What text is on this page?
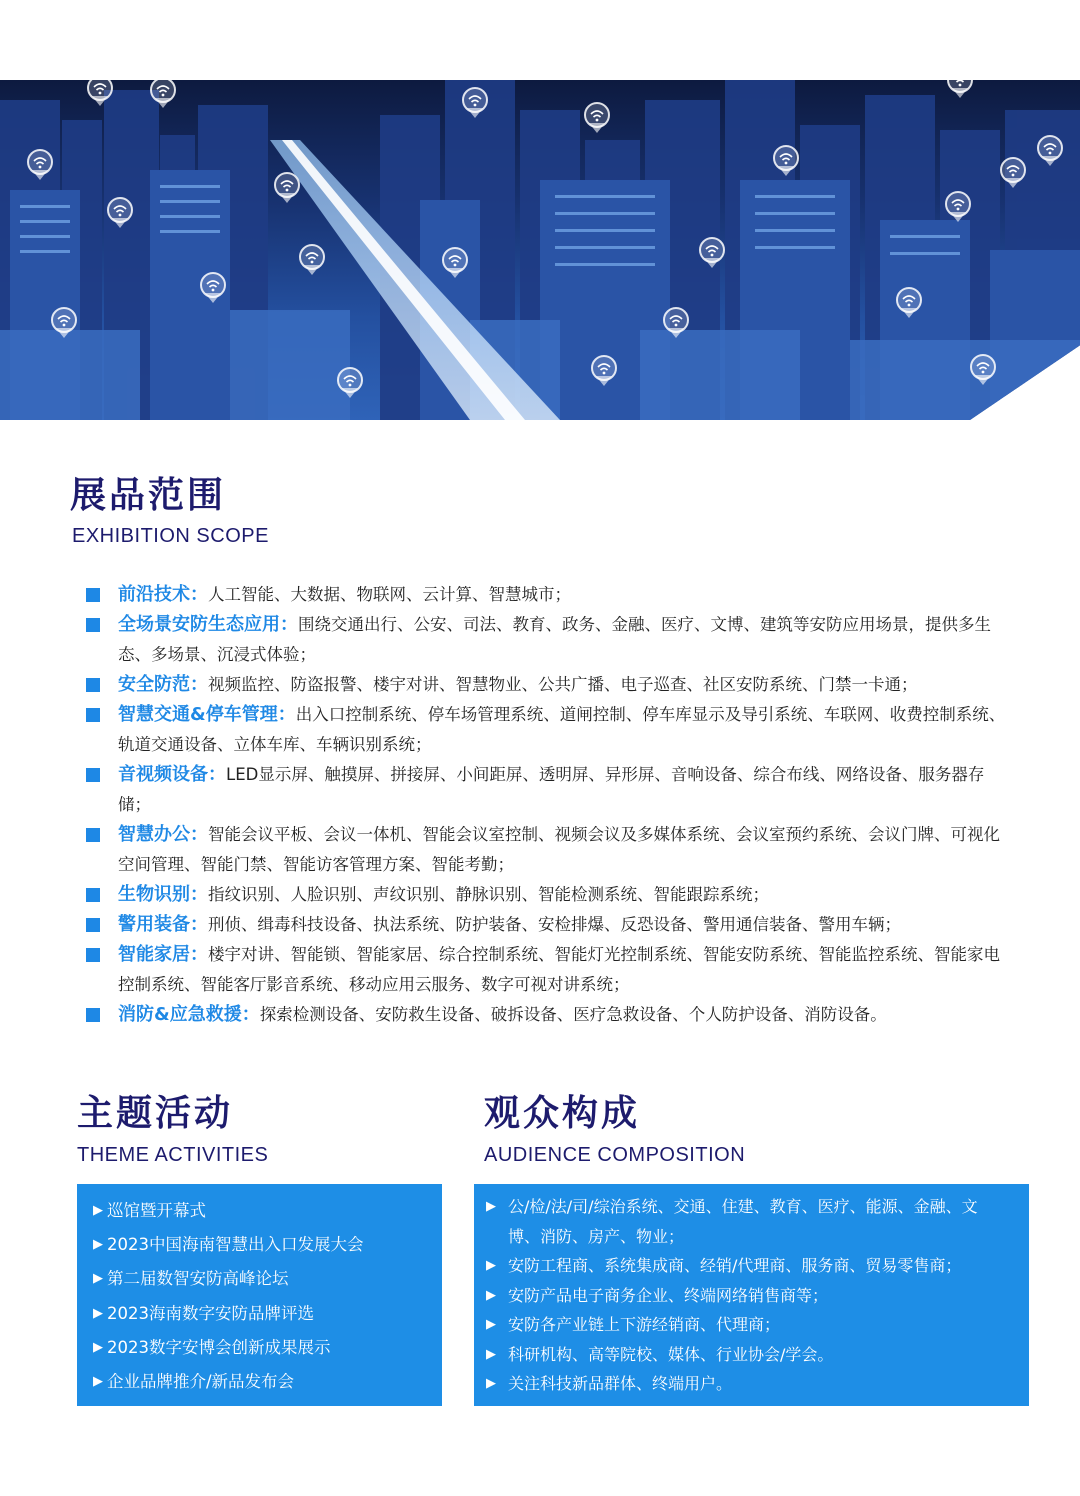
展品范围
EXHIBITION SCOPE
前沿技术：人工智能、大数据、物联网、云计算、智慧城市；
全场景安防生态应用：围绕交通出行、公安、司法、教育、政务、金融、医疗、文博、建筑等安防应用场景，提供多生态、多场景、沉浸式体验；
安全防范：视频监控、防盗报警、楼宇对讲、智慧物业、公共广播、电子巡查、社区安防系统、门禁一卡通；
智慧交通&停车管理：出入口控制系统、停车场管理系统、道闸控制、停车库显示及导引系统、车联网、收费控制系统、轨道交通设备、立体车库、车辆识别系统；
音视频设备：LED显示屏、触摸屏、拼接屏、小间距屏、透明屏、异形屏、音响设备、综合布线、网络设备、服务器存储；
智慧办公：智能会议平板、会议一体机、智能会议室控制、视频会议及多媒体系统、会议室预约系统、会议门牌、可视化空间管理、智能门禁、智能访客管理方案、智能考勤；
生物识别：指纹识别、人脸识别、声纹识别、静脉识别、智能检测系统、智能跟踪系统；
警用装备：刑侦、缉毒科技设备、执法系统、防护装备、安检排爆、反恐设备、警用通信装备、警用车辆；
智能家居：楼宇对讲、智能锁、智能家居、综合控制系统、智能灯光控制系统、智能安防系统、智能监控系统、智能家电控制系统、智能客厅影音系统、移动应用云服务、数字可视对讲系统；
消防&应急救援：探索检测设备、安防救生设备、破拆设备、医疗急救设备、个人防护设备、消防设备。
主题活动
THEME ACTIVITIES
▶ 巡馆暨开幕式
▶ 2023中国海南智慧出入口发展大会
▶ 第二届数智安防高峰论坛
▶ 2023海南数字安防品牌评选
▶ 2023数字安博会创新成果展示
▶ 企业品牌推介/新品发布会
观众构成
AUDIENCE COMPOSITION
▶ 公/检/法/司/综治系统、交通、住建、教育、医疗、能源、金融、文博、消防、房产、物业；
▶ 安防工程商、系统集成商、经销/代理商、服务商、贸易零售商；
▶ 安防产品电子商务企业、终端网络销售商等；
▶ 安防各产业链上下游经销商、代理商；
▶ 科研机构、高等院校、媒体、行业协会/学会。
▶ 关注科技新品群体、终端用户。
